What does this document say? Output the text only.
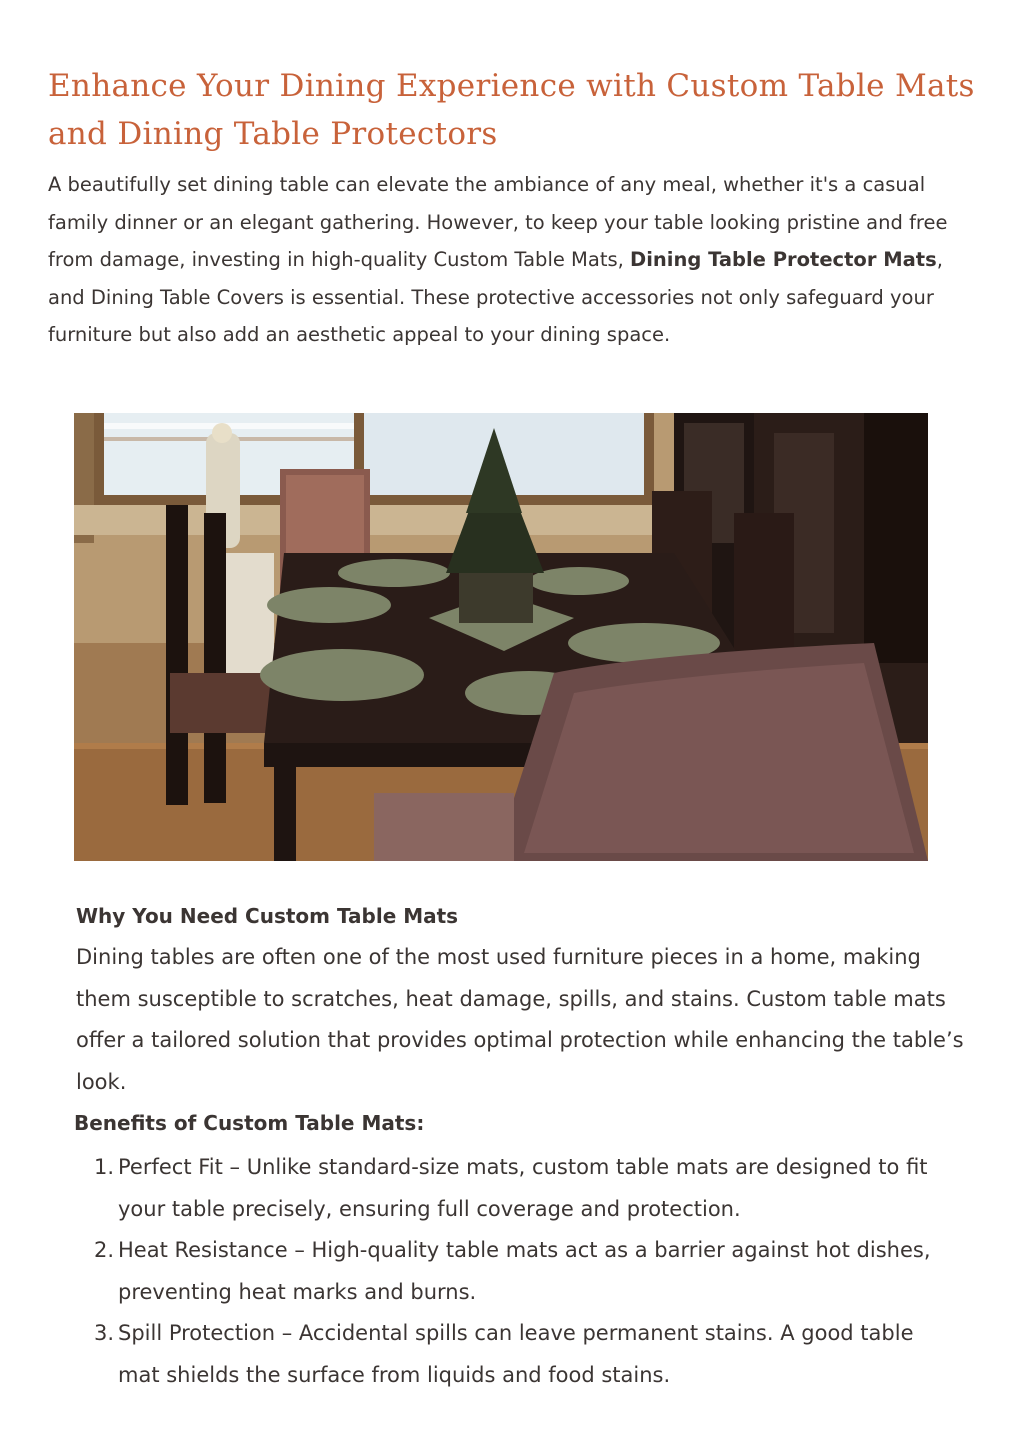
Enhance Your Dining Experience with Custom Table Mats and Dining Table Protectors

A beautifully set dining table can elevate the ambiance of any meal, whether it's a casual family dinner or an elegant gathering. However, to keep your table looking pristine and free from damage, investing in high-quality Custom Table Mats, Dining Table Protector Mats, and Dining Table Covers is essential. These protective accessories not only safeguard your furniture but also add an aesthetic appeal to your dining space.

Why You Need Custom Table Mats

Dining tables are often one of the most used furniture pieces in a home, making them susceptible to scratches, heat damage, spills, and stains. Custom table mats offer a tailored solution that provides optimal protection while enhancing the table’s look.

Benefits of Custom Table Mats:
1. Perfect Fit – Unlike standard-size mats, custom table mats are designed to fit your table precisely, ensuring full coverage and protection.
2. Heat Resistance – High-quality table mats act as a barrier against hot dishes, preventing heat marks and burns.
3. Spill Protection – Accidental spills can leave permanent stains. A good table mat shields the surface from liquids and food stains.
